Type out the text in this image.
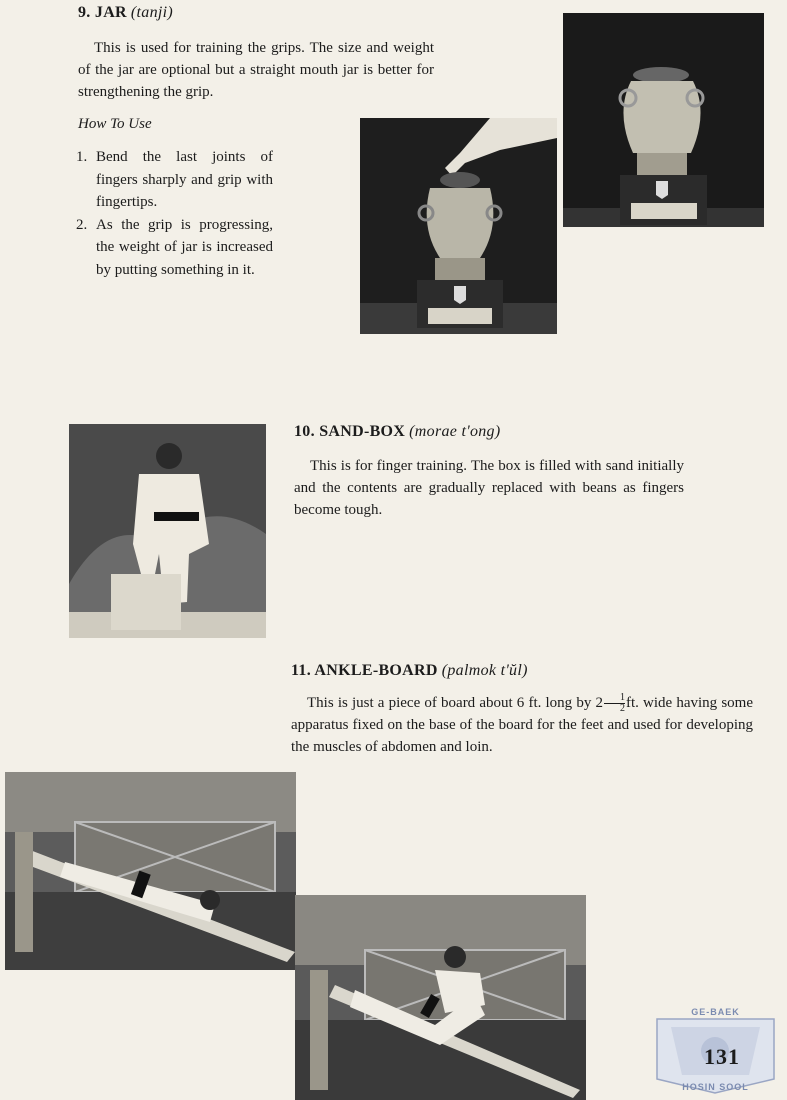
9. JAR (tanji)
This is used for training the grips. The size and weight of the jar are optional but a straight mouth jar is better for strengthening the grip.
How To Use
1. Bend the last joints of fingers sharply and grip with fingertips.
2. As the grip is progressing, the weight of jar is increased by putting something in it.
10. SAND-BOX (morae t'ong)
This is for finger training. The box is filled with sand initially and the contents are gradually replaced with beans as fingers become tough.
11. ANKLE-BOARD (palmok t'ŭl)
This is just a piece of board about 6 ft. long by $2 \frac{1}{2}$ ft. wide having some apparatus fixed on the base of the board for the feet and used for developing the muscles of abdomen and loin.
GE-BAEK
HOSIN SOOL
131
